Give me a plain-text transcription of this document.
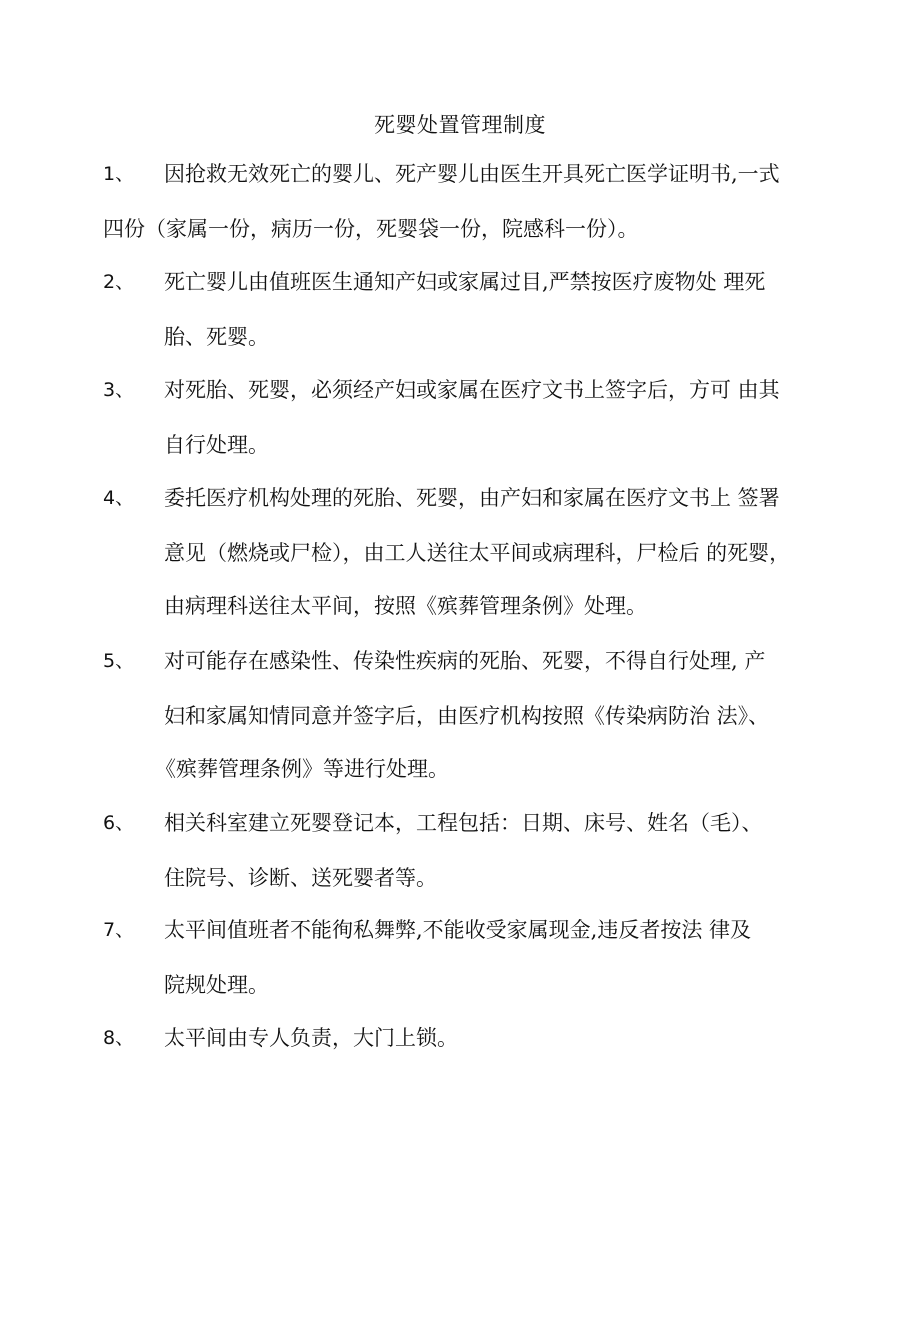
死婴处置管理制度
1、 因抢救无效死亡的婴儿、死产婴儿由医生开具死亡医学证明书,一式
四份（家属一份，病历一份，死婴袋一份，院感科一份）。
2、 死亡婴儿由值班医生通知产妇或家属过目,严禁按医疗废物处 理死
胎、死婴。
3、 对死胎、死婴，必须经产妇或家属在医疗文书上签字后，方可 由其
自行处理。
4、 委托医疗机构处理的死胎、死婴，由产妇和家属在医疗文书上 签署
意见（燃烧或尸检），由工人送往太平间或病理科，尸检后 的死婴，
由病理科送往太平间，按照《殡葬管理条例》处理。
5、 对可能存在感染性、传染性疾病的死胎、死婴，不得自行处理, 产
妇和家属知情同意并签字后，由医疗机构按照《传染病防治 法》、
《殡葬管理条例》等进行处理。
6、 相关科室建立死婴登记本，工程包括：日期、床号、姓名（毛）、
住院号、诊断、送死婴者等。
7、 太平间值班者不能徇私舞弊,不能收受家属现金,违反者按法 律及
院规处理。
8、 太平间由专人负责，大门上锁。
